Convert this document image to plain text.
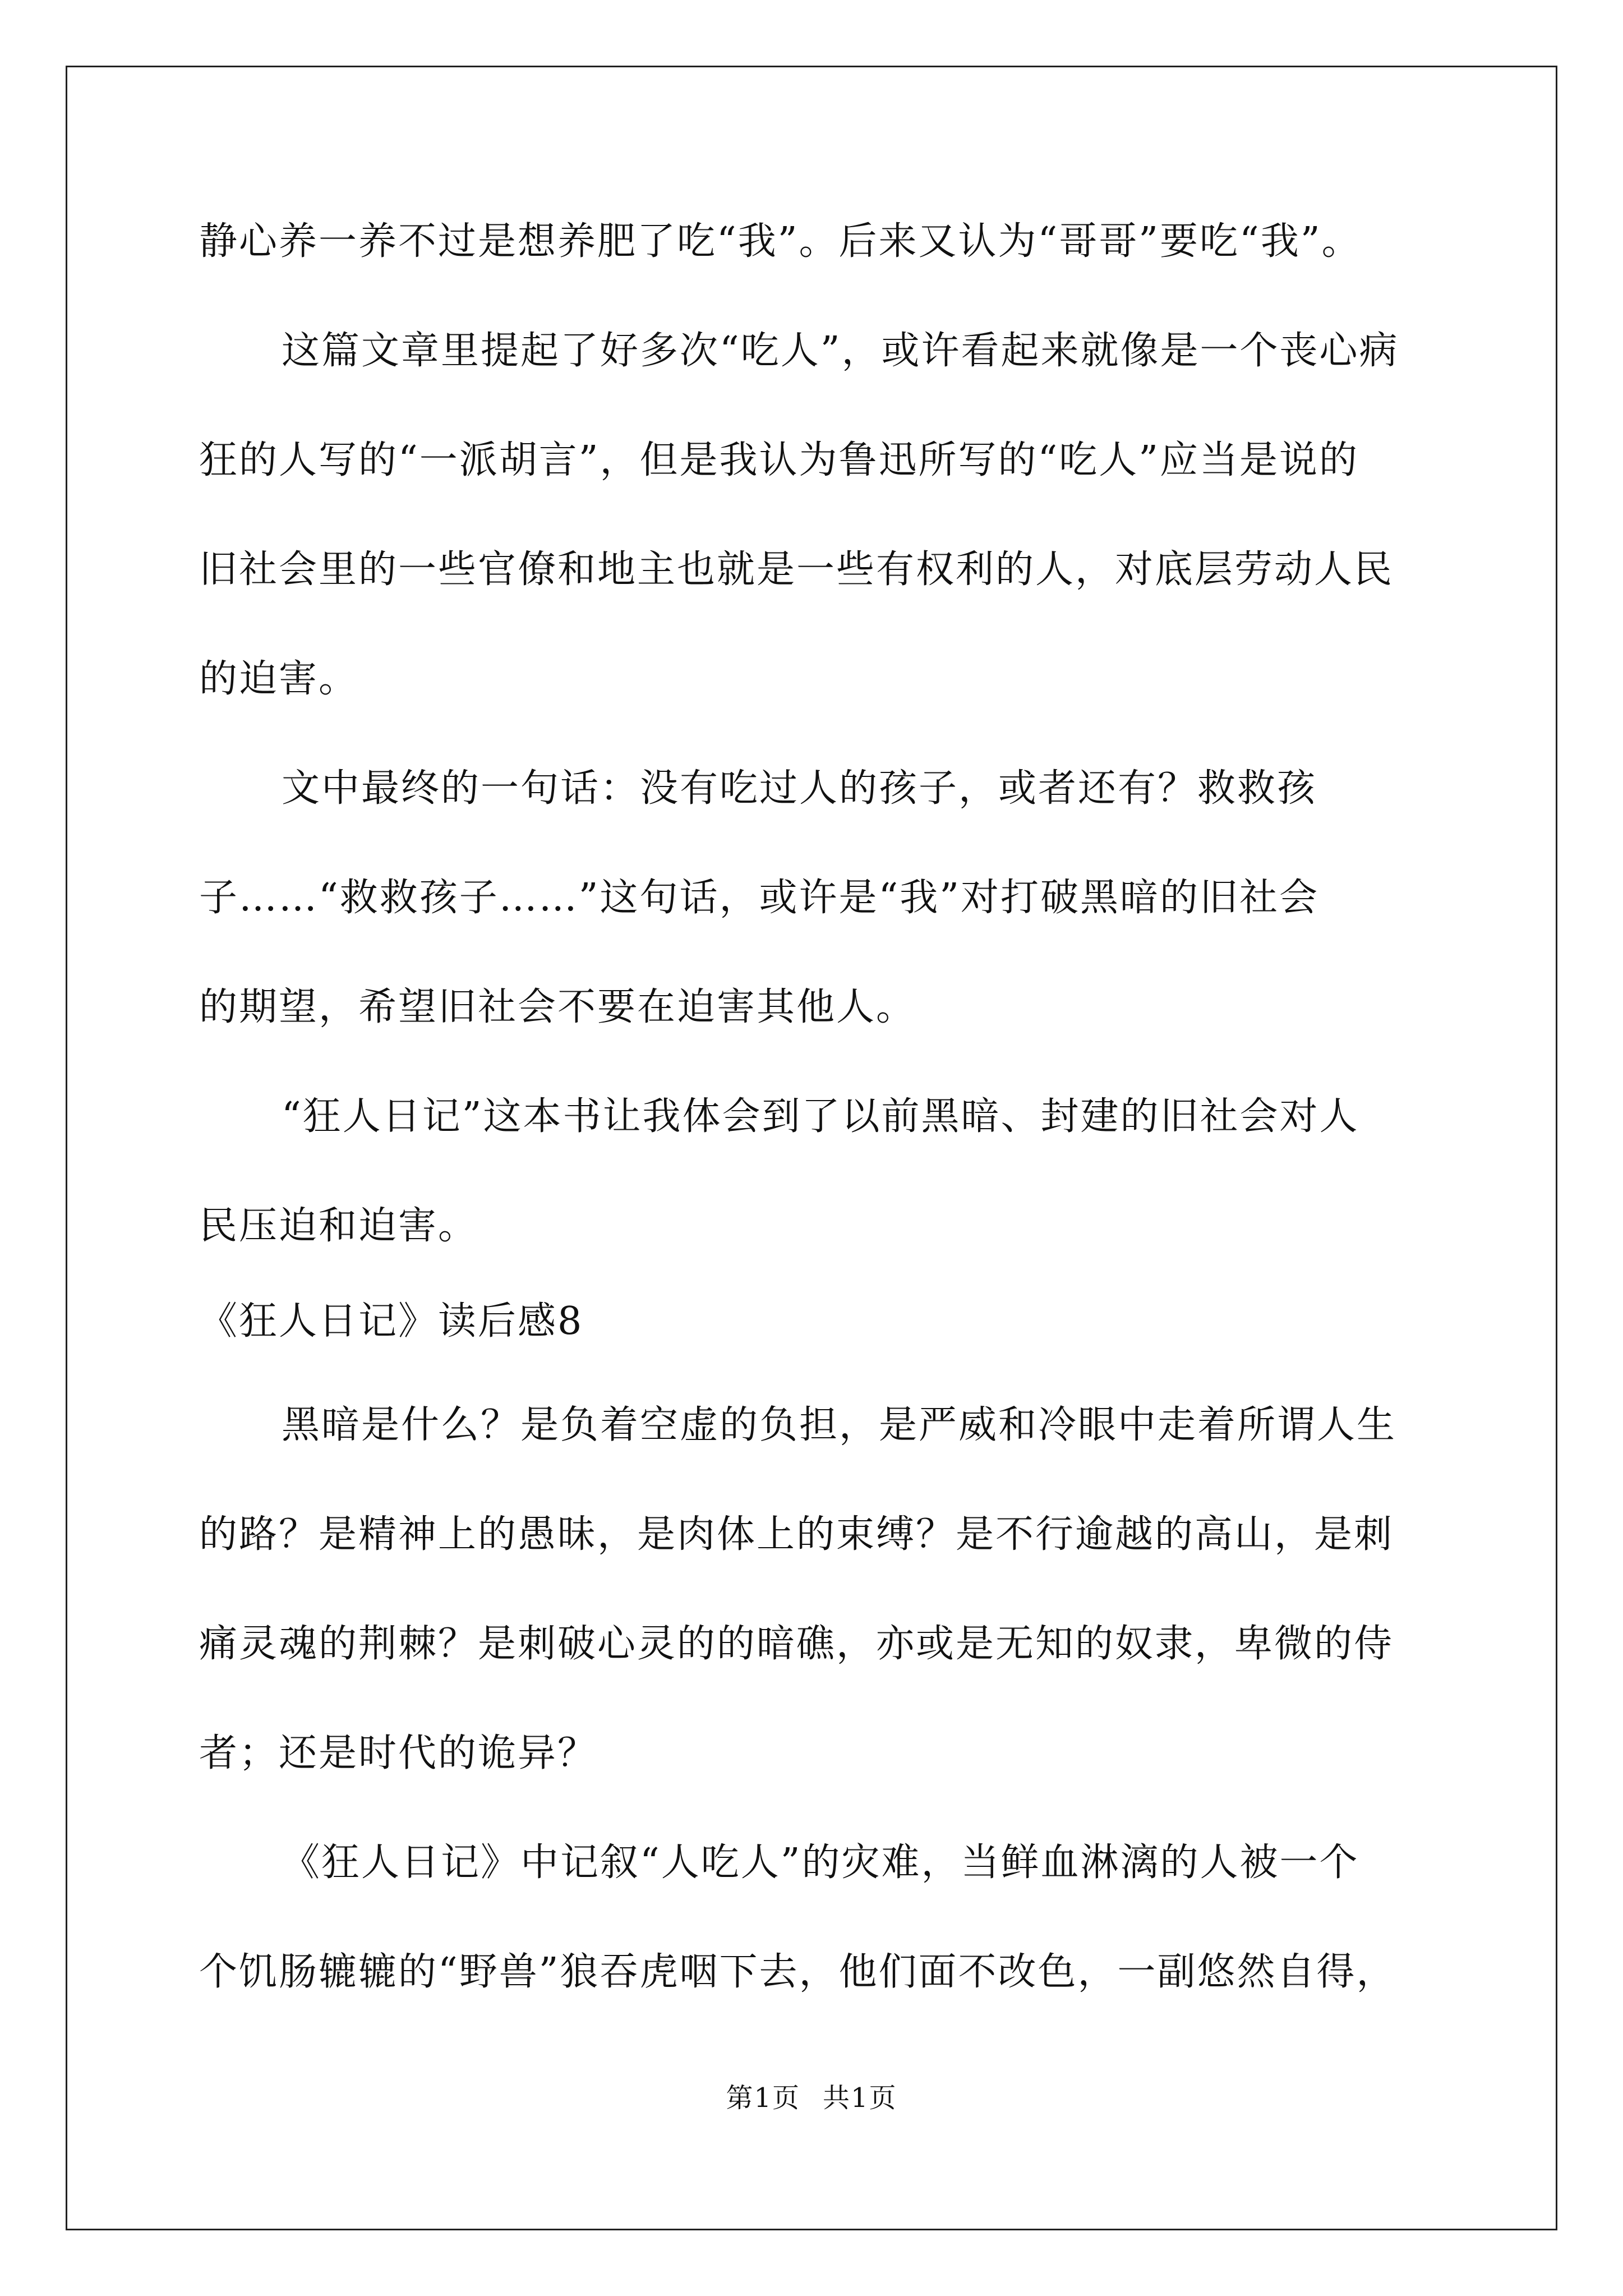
静心养一养不过是想养肥了吃“我”。后来又认为“哥哥”要吃“我”。
这篇文章里提起了好多次“吃人”，或许看起来就像是一个丧心病
狂的人写的“一派胡言”，但是我认为鲁迅所写的“吃人”应当是说的
旧社会里的一些官僚和地主也就是一些有权利的人，对底层劳动人民
的迫害。
文中最终的一句话：没有吃过人的孩子，或者还有？救救孩
子……“救救孩子……”这句话，或许是“我”对打破黑暗的旧社会
的期望，希望旧社会不要在迫害其他人。
“狂人日记”这本书让我体会到了以前黑暗、封建的旧社会对人
民压迫和迫害。
《狂人日记》读后感8
黑暗是什么？是负着空虚的负担，是严威和冷眼中走着所谓人生
的路？是精神上的愚昧，是肉体上的束缚？是不行逾越的高山，是刺
痛灵魂的荆棘？是刺破心灵的的暗礁，亦或是无知的奴隶，卑微的侍
者；还是时代的诡异？
《狂人日记》中记叙“人吃人”的灾难，当鲜血淋漓的人被一个
个饥肠辘辘的“野兽”狼吞虎咽下去，他们面不改色，一副悠然自得，
第1页 共1页
